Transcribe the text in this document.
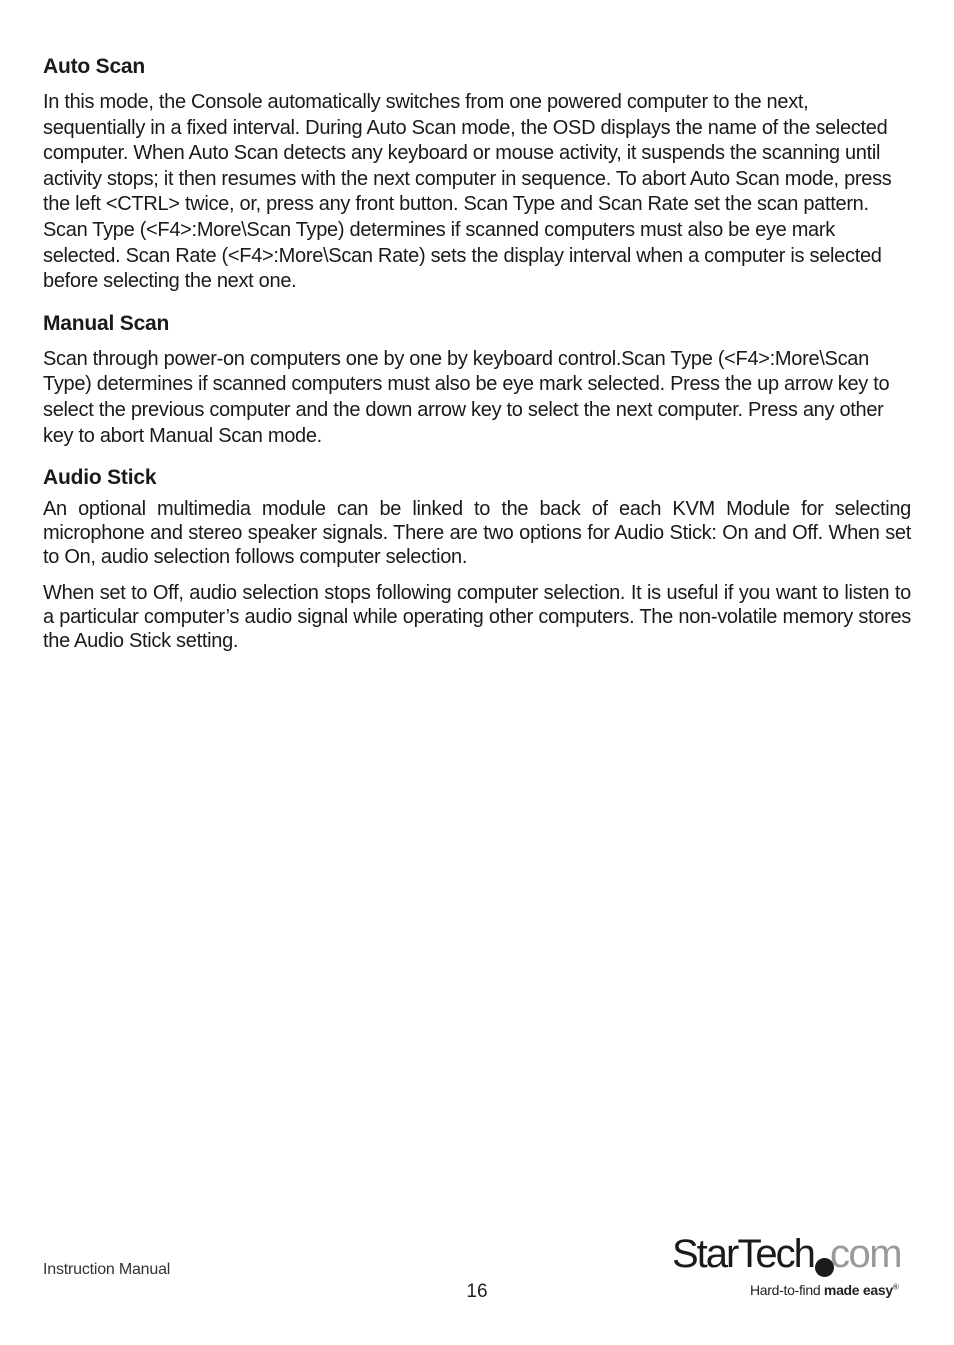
Auto Scan

In this mode, the Console automatically switches from one powered computer to the next, sequentially in a fixed interval. During Auto Scan mode, the OSD displays the name of the selected computer. When Auto Scan detects any keyboard or mouse activity, it suspends the scanning until activity stops; it then resumes with the next computer in sequence. To abort Auto Scan mode, press the left <CTRL> twice, or, press any front button. Scan Type and Scan Rate set the scan pattern. Scan Type (<F4>:More\Scan Type) determines if scanned computers must also be eye mark selected. Scan Rate (<F4>:More\Scan Rate) sets the display interval when a computer is selected before selecting the next one.

Manual Scan

Scan through power-on computers one by one by keyboard control.Scan Type (<F4>:More\Scan Type) determines if scanned computers must also be eye mark selected. Press the up arrow key to select the previous computer and the down arrow key to select the next computer. Press any other key to abort Manual Scan mode.

Audio Stick

An optional multimedia module can be linked to the back of each KVM Module for selecting microphone and stereo speaker signals. There are two options for Audio Stick: On and Off. When set to On, audio selection follows computer selection.

When set to Off, audio selection stops following computer selection. It is useful if you want to listen to a particular computer’s audio signal while operating other computers. The non-volatile memory stores the Audio Stick setting.

Instruction Manual
16
StarTech com
Hard-to-find made easy®
